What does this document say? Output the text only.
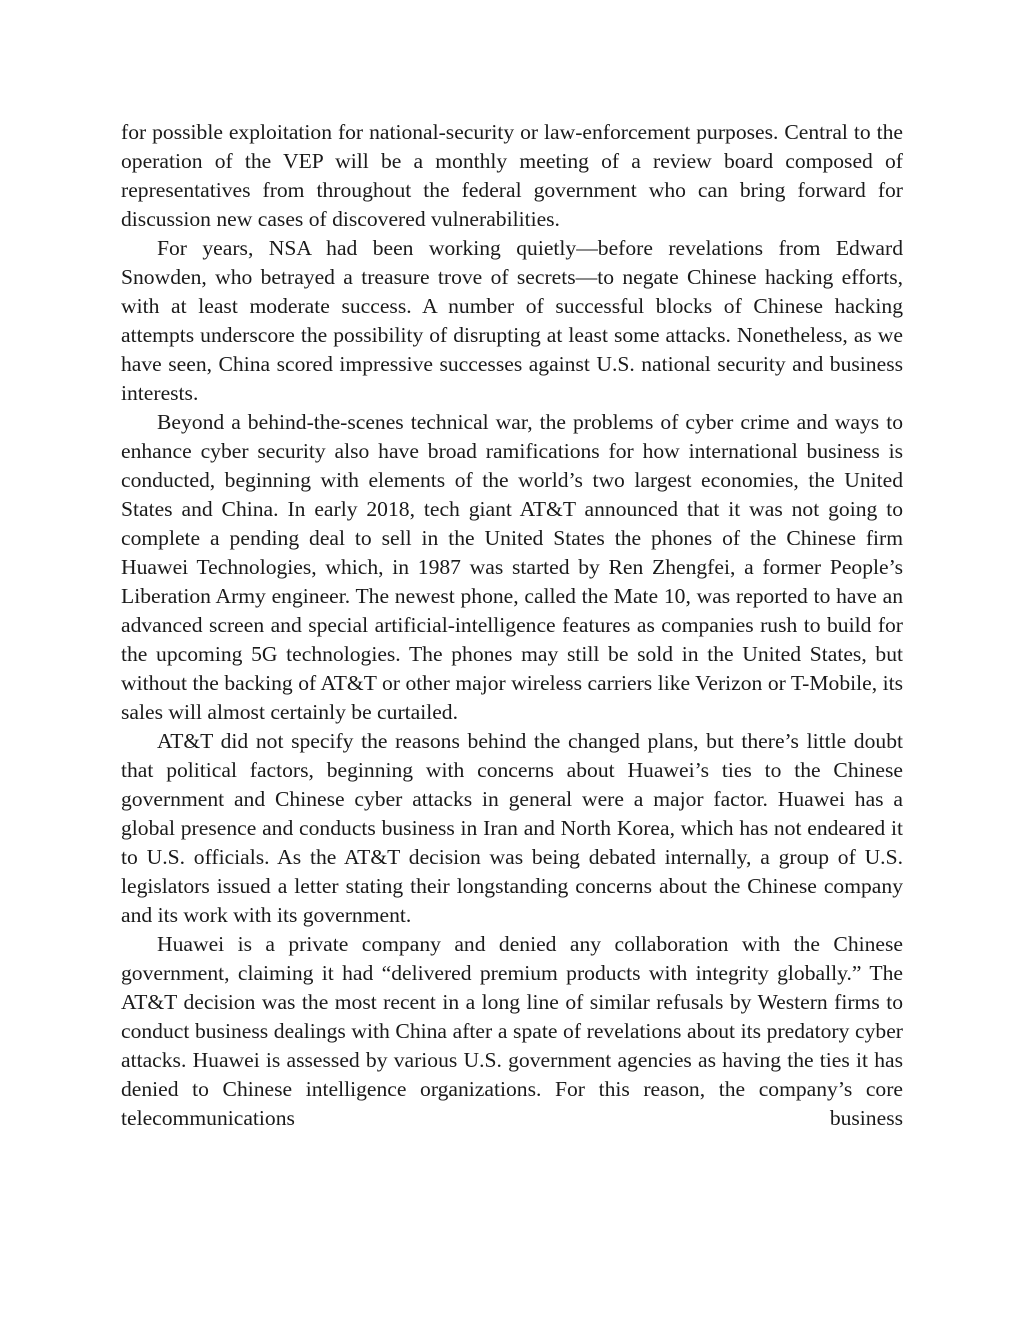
for possible exploitation for national-security or law-enforcement purposes. Central to the operation of the VEP will be a monthly meeting of a review board composed of representatives from throughout the federal government who can bring forward for discussion new cases of discovered vulnerabilities.

For years, NSA had been working quietly—before revelations from Edward Snowden, who betrayed a treasure trove of secrets—to negate Chinese hacking efforts, with at least moderate success. A number of successful blocks of Chinese hacking attempts underscore the possibility of disrupting at least some attacks. Nonetheless, as we have seen, China scored impressive successes against U.S. national security and business interests.

Beyond a behind-the-scenes technical war, the problems of cyber crime and ways to enhance cyber security also have broad ramifications for how international business is conducted, beginning with elements of the world’s two largest economies, the United States and China. In early 2018, tech giant AT&T announced that it was not going to complete a pending deal to sell in the United States the phones of the Chinese firm Huawei Technologies, which, in 1987 was started by Ren Zhengfei, a former People’s Liberation Army engineer. The newest phone, called the Mate 10, was reported to have an advanced screen and special artificial-intelligence features as companies rush to build for the upcoming 5G technologies. The phones may still be sold in the United States, but without the backing of AT&T or other major wireless carriers like Verizon or T-Mobile, its sales will almost certainly be curtailed.

AT&T did not specify the reasons behind the changed plans, but there’s little doubt that political factors, beginning with concerns about Huawei’s ties to the Chinese government and Chinese cyber attacks in general were a major factor. Huawei has a global presence and conducts business in Iran and North Korea, which has not endeared it to U.S. officials. As the AT&T decision was being debated internally, a group of U.S. legislators issued a letter stating their longstanding concerns about the Chinese company and its work with its government.

Huawei is a private company and denied any collaboration with the Chinese government, claiming it had “delivered premium products with integrity globally.” The AT&T decision was the most recent in a long line of similar refusals by Western firms to conduct business dealings with China after a spate of revelations about its predatory cyber attacks. Huawei is assessed by various U.S. government agencies as having the ties it has denied to Chinese intelligence organizations. For this reason, the company’s core telecommunications business
